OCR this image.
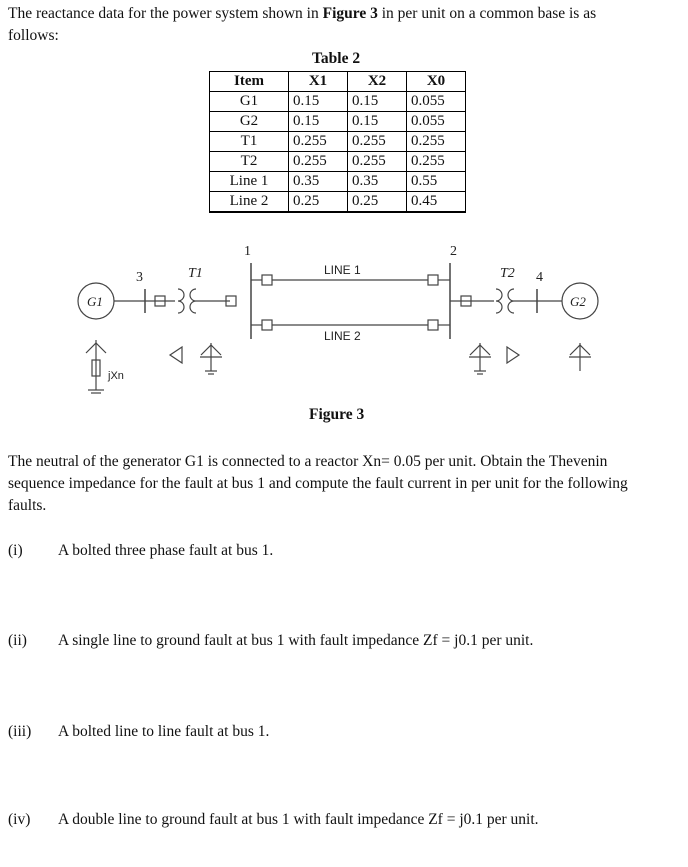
The reactance data for the power system shown in Figure 3 in per unit on a common base is as
follows:
Table 2
Item	X1	X2	X0
G1	0.15	0.15	0.055
G2	0.15	0.15	0.055
T1	0.255	0.255	0.255
T2	0.255	0.255	0.255
Line 1	0.35	0.35	0.55
Line 2	0.25	0.25	0.45
1	2
3	4
T1	T2
G1	G2
LINE 1
LINE 2
jXn
Figure 3
The neutral of the generator G1 is connected to a reactor Xn= 0.05 per unit. Obtain the Thevenin
sequence impedance for the fault at bus 1 and compute the fault current in per unit for the following
faults.
(i) A bolted three phase fault at bus 1.
(ii) A single line to ground fault at bus 1 with fault impedance Zf = j0.1 per unit.
(iii) A bolted line to line fault at bus 1.
(iv) A double line to ground fault at bus 1 with fault impedance Zf = j0.1 per unit.
